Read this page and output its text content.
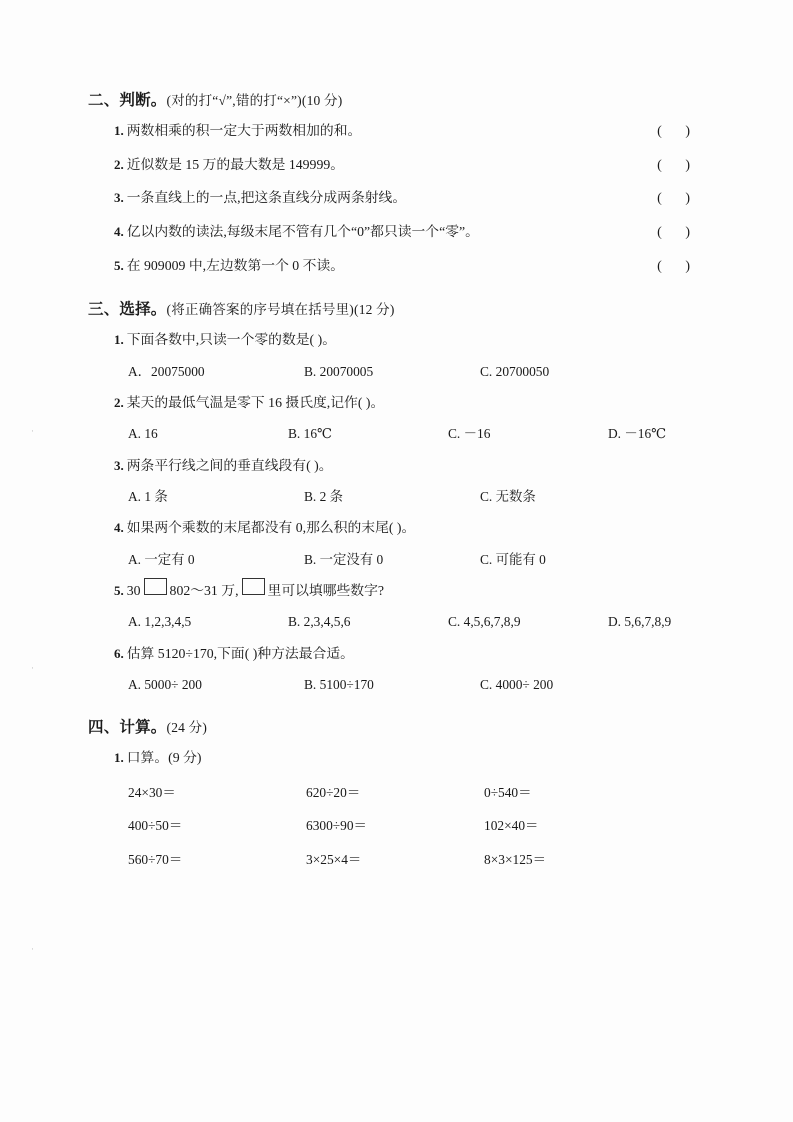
二、判断。(对的打“√”,错的打“×”)(10 分)
1. 两数相乘的积一定大于两数相加的和。	( )
2. 近似数是 15 万的最大数是 149999。	( )
3. 一条直线上的一点,把这条直线分成两条射线。	( )
4. 亿以内数的读法,每级末尾不管有几个“0”都只读一个“零”。	( )
5. 在 909009 中,左边数第一个 0 不读。	( )
三、选择。(将正确答案的序号填在括号里)(12 分)
1. 下面各数中,只读一个零的数是( )。
A．20075000	B. 20070005	C. 20700050
2. 某天的最低气温是零下 16 摄氏度,记作( )。
A. 16	B. 16℃	C. －16	D. －16℃
3. 两条平行线之间的垂直线段有( )。
A. 1 条	B. 2 条	C. 无数条
4. 如果两个乘数的末尾都没有 0,那么积的末尾( )。
A. 一定有 0	B. 一定没有 0	C. 可能有 0
5. 30 802～31 万, 里可以填哪些数字?
A. 1,2,3,4,5	B. 2,3,4,5,6	C. 4,5,6,7,8,9	D. 5,6,7,8,9
6. 估算 5120÷170,下面( )种方法最合适。
A. 5000÷ 200	B. 5100÷170	C. 4000÷ 200
四、计算。(24 分)
1. 口算。(9 分)
24×30＝	620÷20＝	0÷540＝
400÷50＝	6300÷90＝	102×40＝
560÷70＝	3×25×4＝	8×3×125＝
·
·
·
